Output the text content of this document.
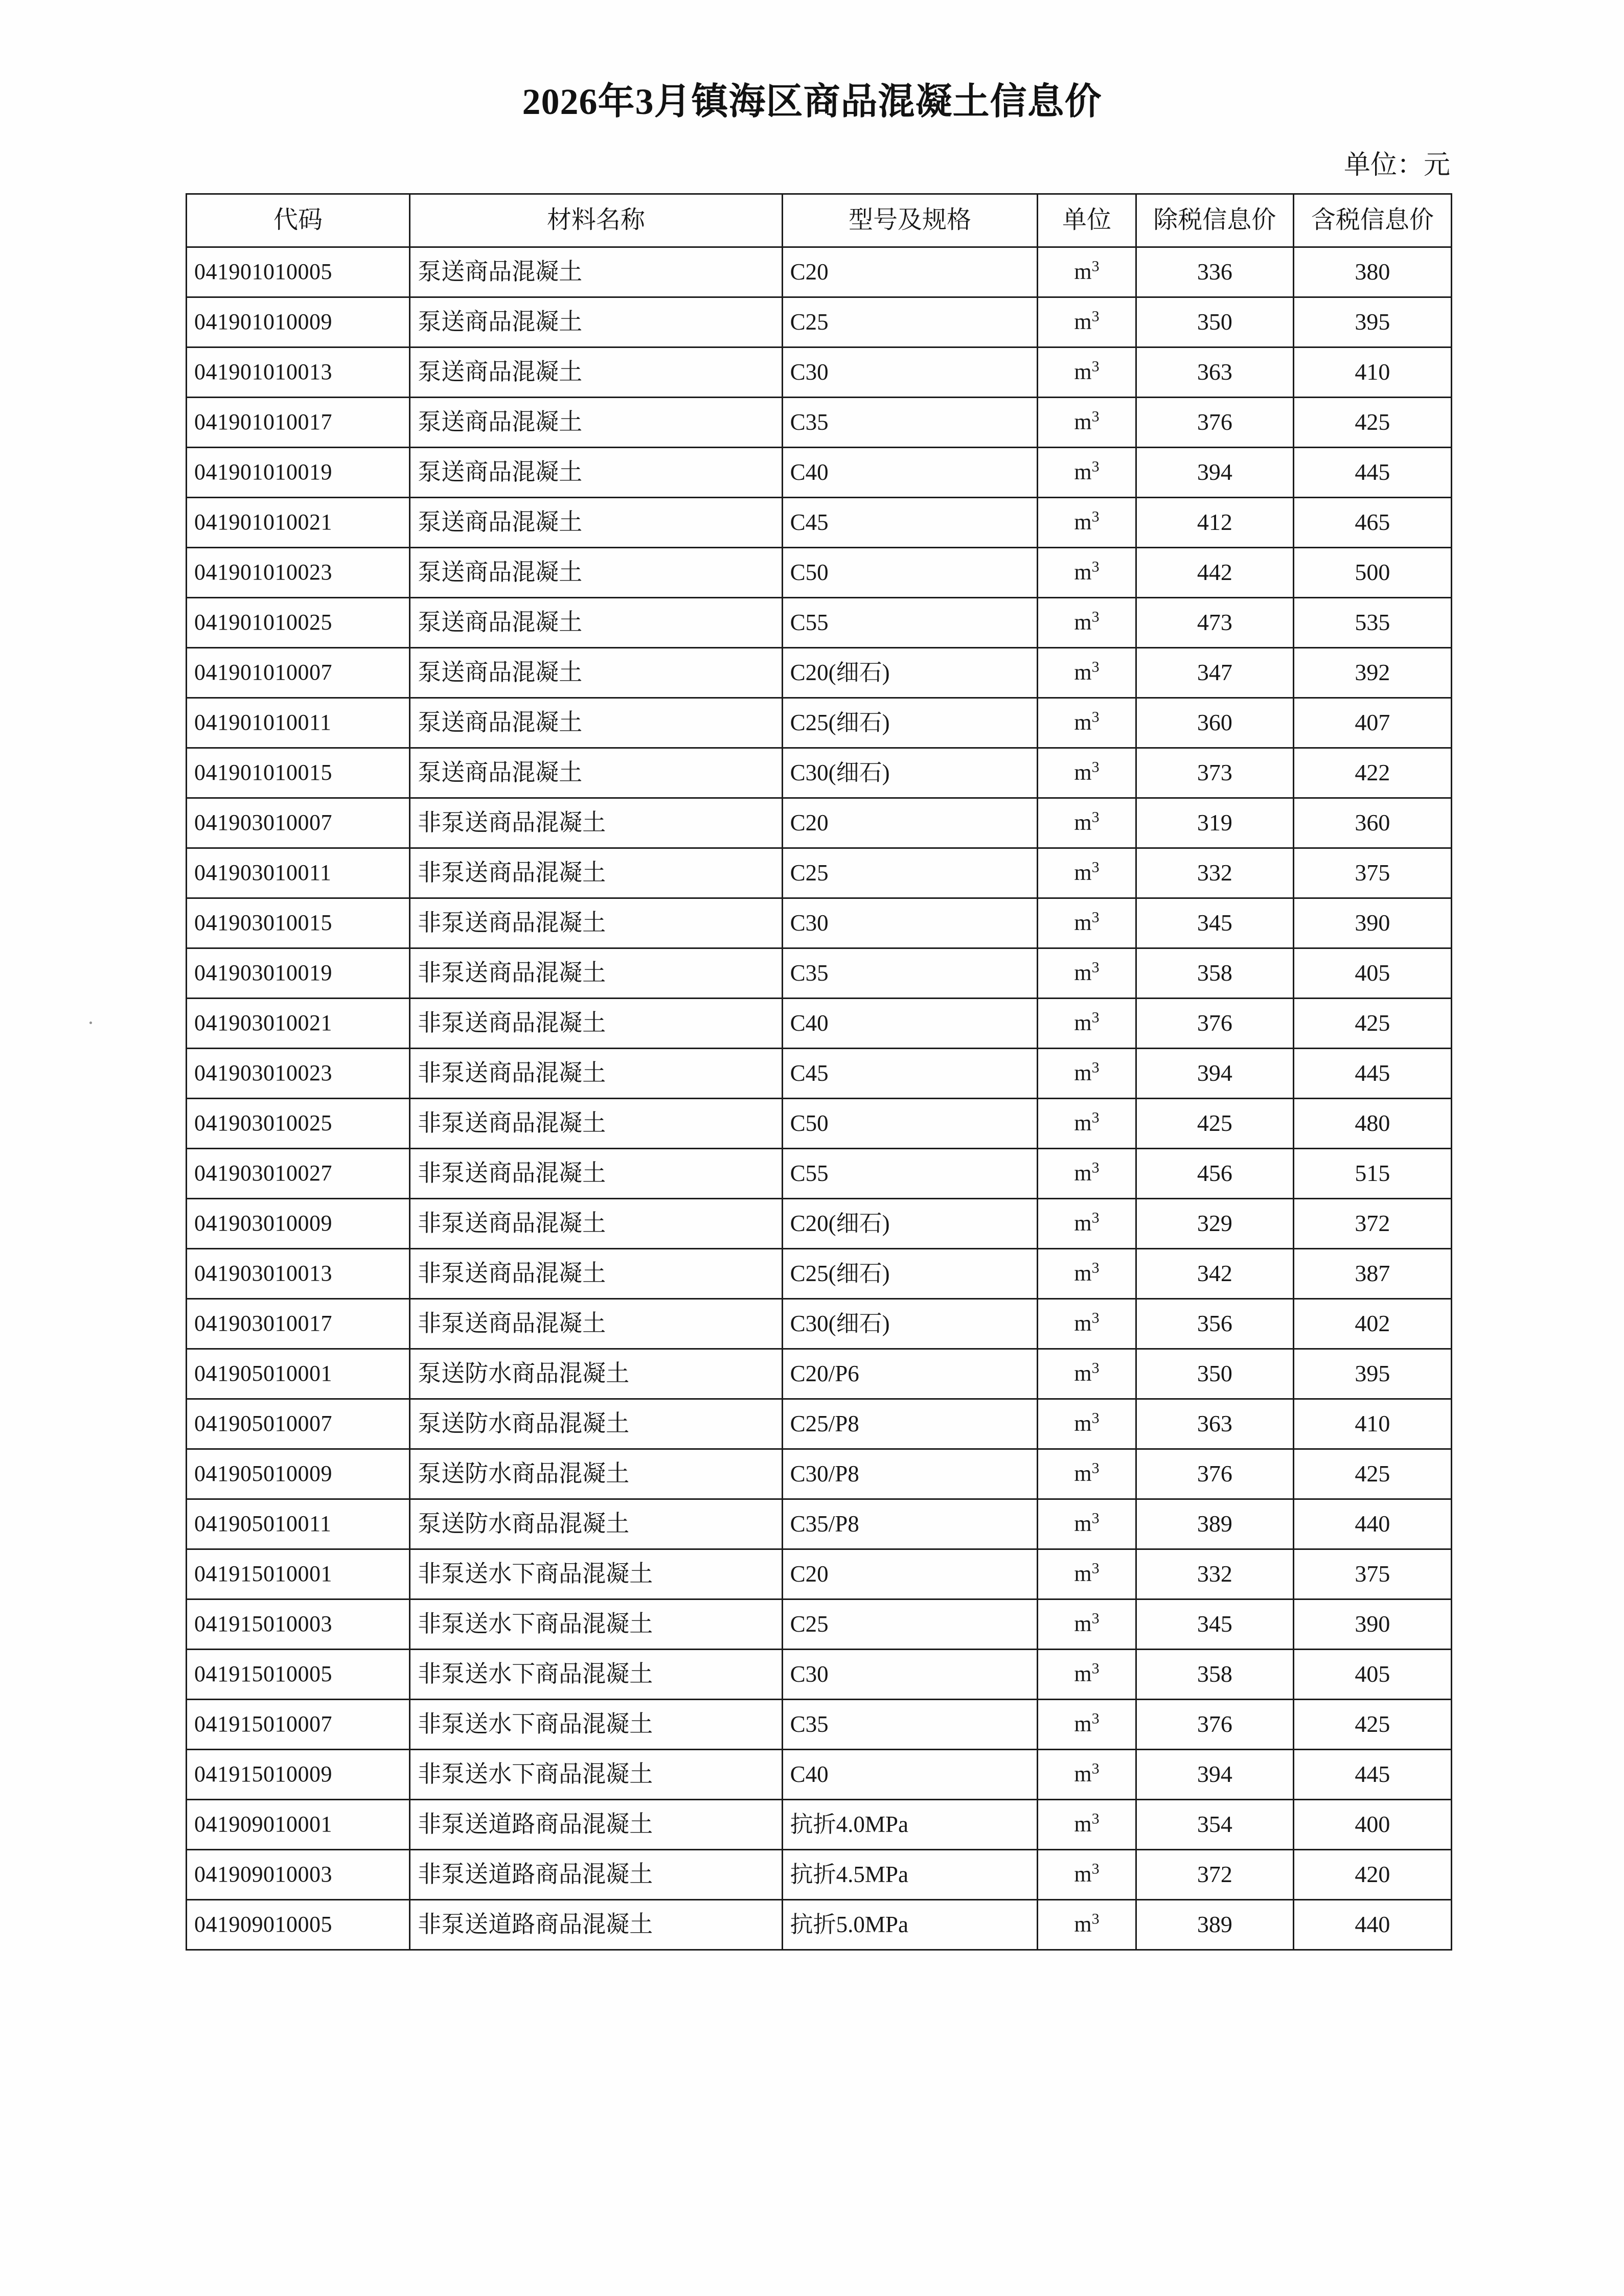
2026年3月镇海区商品混凝土信息价
单位：元
代码	材料名称	型号及规格	单位	除税信息价	含税信息价
041901010005	泵送商品混凝土	C20	$m^3$	336	380
041901010009	泵送商品混凝土	C25	$m^3$	350	395
041901010013	泵送商品混凝土	C30	$m^3$	363	410
041901010017	泵送商品混凝土	C35	$m^3$	376	425
041901010019	泵送商品混凝土	C40	$m^3$	394	445
041901010021	泵送商品混凝土	C45	$m^3$	412	465
041901010023	泵送商品混凝土	C50	$m^3$	442	500
041901010025	泵送商品混凝土	C55	$m^3$	473	535
041901010007	泵送商品混凝土	C20(细石)	$m^3$	347	392
041901010011	泵送商品混凝土	C25(细石)	$m^3$	360	407
041901010015	泵送商品混凝土	C30(细石)	$m^3$	373	422
041903010007	非泵送商品混凝土	C20	$m^3$	319	360
041903010011	非泵送商品混凝土	C25	$m^3$	332	375
041903010015	非泵送商品混凝土	C30	$m^3$	345	390
041903010019	非泵送商品混凝土	C35	$m^3$	358	405
041903010021	非泵送商品混凝土	C40	$m^3$	376	425
041903010023	非泵送商品混凝土	C45	$m^3$	394	445
041903010025	非泵送商品混凝土	C50	$m^3$	425	480
041903010027	非泵送商品混凝土	C55	$m^3$	456	515
041903010009	非泵送商品混凝土	C20(细石)	$m^3$	329	372
041903010013	非泵送商品混凝土	C25(细石)	$m^3$	342	387
041903010017	非泵送商品混凝土	C30(细石)	$m^3$	356	402
041905010001	泵送防水商品混凝土	C20/P6	$m^3$	350	395
041905010007	泵送防水商品混凝土	C25/P8	$m^3$	363	410
041905010009	泵送防水商品混凝土	C30/P8	$m^3$	376	425
041905010011	泵送防水商品混凝土	C35/P8	$m^3$	389	440
041915010001	非泵送水下商品混凝土	C20	$m^3$	332	375
041915010003	非泵送水下商品混凝土	C25	$m^3$	345	390
041915010005	非泵送水下商品混凝土	C30	$m^3$	358	405
041915010007	非泵送水下商品混凝土	C35	$m^3$	376	425
041915010009	非泵送水下商品混凝土	C40	$m^3$	394	445
041909010001	非泵送道路商品混凝土	抗折4.0MPa	$m^3$	354	400
041909010003	非泵送道路商品混凝土	抗折4.5MPa	$m^3$	372	420
041909010005	非泵送道路商品混凝土	抗折5.0MPa	$m^3$	389	440
